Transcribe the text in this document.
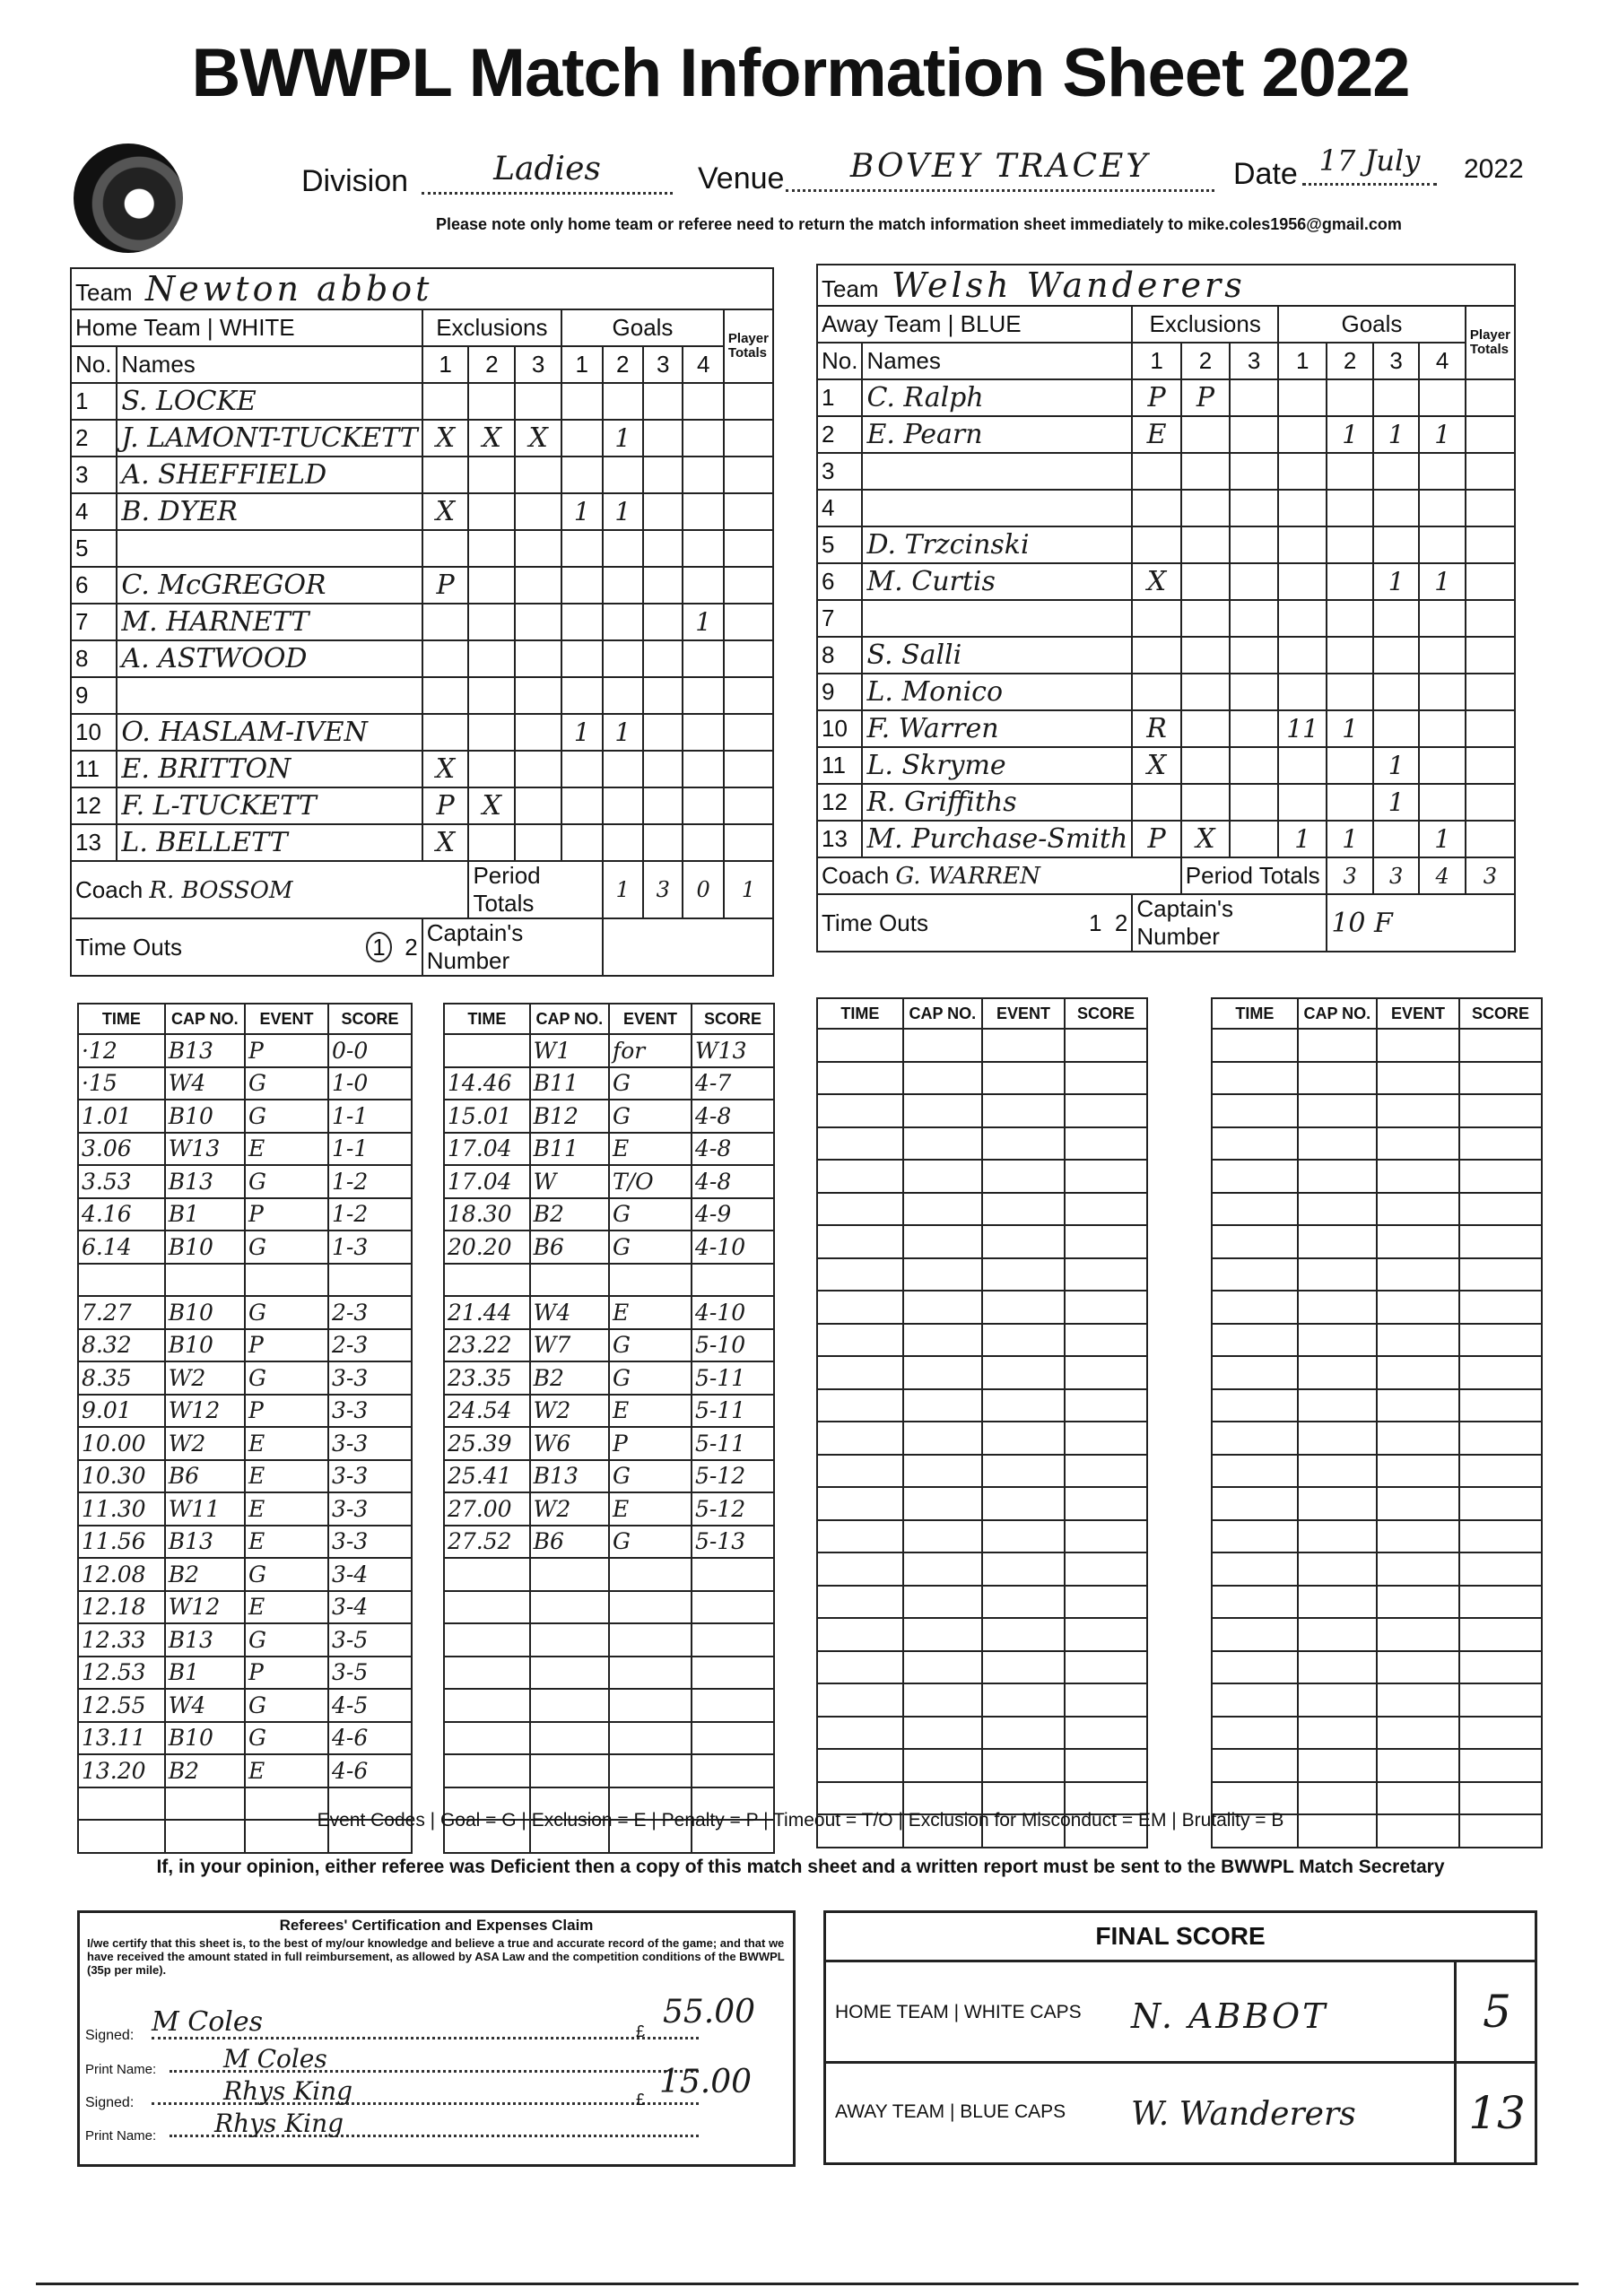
BWWPL Match Information Sheet 2022
Division	Ladies	Venue	BOVEY TRACEY	Date 17 July	2022
Please note only home team or referee need to return the match information sheet immediately to mike.coles1956@gmail.com
Team Newton abbot									
Home Team | WHITE		Exclusions			Goals				Player Totals
No.	Names	1	2	3	1	2	3	4	
1	S. LOCKE								
2	J. LAMONT-TUCKETT	X	X	X		1			
3	A. SHEFFIELD								
4	B. DYER	X			1	1			
5									
6	C. McGREGOR	P							
7	M. HARNETT							1	
8	A. ASTWOOD								
9									
10	O. HASLAM-IVEN				1	1			
11	E. BRITTON	X							
12	F. L-TUCKETT	P	X						
13	L. BELLETT	X							
Coach R. BOSSOM			Period Totals			1	3	0	1
Time Outs 1 2		Captain's Number							
Team Welsh Wanderers									
Away Team | BLUE		Exclusions			Goals				Player Totals
No.	Names	1	2	3	1	2	3	4	
1	C. Ralph	P	P						
2	E. Pearn	E				1	1	1	
3									
4									
5	D. Trzcinski								
6	M. Curtis	X					1	1	
7									
8	S. Salli								
9	L. Monico								
10	F. Warren	R			11	1			
11	L. Skryme	X					1		
12	R. Griffiths						1		
13	M. Purchase-Smith	P	X		1	1		1	
Coach G. WARREN			Period Totals			3	3	4	3
Time Outs 1 2		Captain's Number				10 F			
TIME	CAP NO.	EVENT	SCORE
·12	B13	P	0-0
·15	W4	G	1-0
1.01	B10	G	1-1
3.06	W13	E	1-1
3.53	B13	G	1-2
4.16	B1	P	1-2
6.14	B10	G	1-3

7.27	B10	G	2-3
8.32	B10	P	2-3
8.35	W2	G	3-3
9.01	W12	P	3-3
10.00	W2	E	3-3
10.30	B6	E	3-3
11.30	W11	E	3-3
11.56	B13	E	3-3
12.08	B2	G	3-4
12.18	W12	E	3-4
12.33	B13	G	3-5
12.53	B1	P	3-5
12.55	W4	G	4-5
13.11	B10	G	4-6
13.20	B2	E	4-6

TIME	CAP NO.	EVENT	SCORE
	W1	for	W13
14.46	B11	G	4-7
15.01	B12	G	4-8
17.04	B11	E	4-8
17.04	W	T/O	4-8
18.30	B2	G	4-9
20.20	B6	G	4-10

21.44	W4	E	4-10
23.22	W7	G	5-10
23.35	B2	G	5-11
24.54	W2	E	5-11
25.39	W6	P	5-11
25.41	B13	G	5-12
27.00	W2	E	5-12
27.52	B6	G	5-13

TIME	CAP NO.	EVENT	SCORE

				TIME	CAP NO.	EVENT	SCORE

Event Codes | Goal = G | Exclusion = E | Penalty = P | Timeout = T/O | Exclusion for Misconduct = EM | Brutality = B
If, in your opinion, either referee was Deficient then a copy of this match sheet and a written report must be sent to the BWWPL Match Secretary
Referees' Certification and Expenses Claim
I/we certify that this sheet is, to the best of my/our knowledge and believe a true and accurate record of the game; and that we have received the amount stated in full reimbursement, as allowed by ASA Law and the competition conditions of the BWWPL (35p per mile).
Signed: M Coles	£
55.00
Print Name:	M Coles
Signed:	Rhys King	£ 15.00
Print Name:	Rhys King
FINAL SCORE
HOME TEAM | WHITE CAPS N. ABBOT	5
AWAY TEAM | BLUE CAPS W. Wanderers	13
